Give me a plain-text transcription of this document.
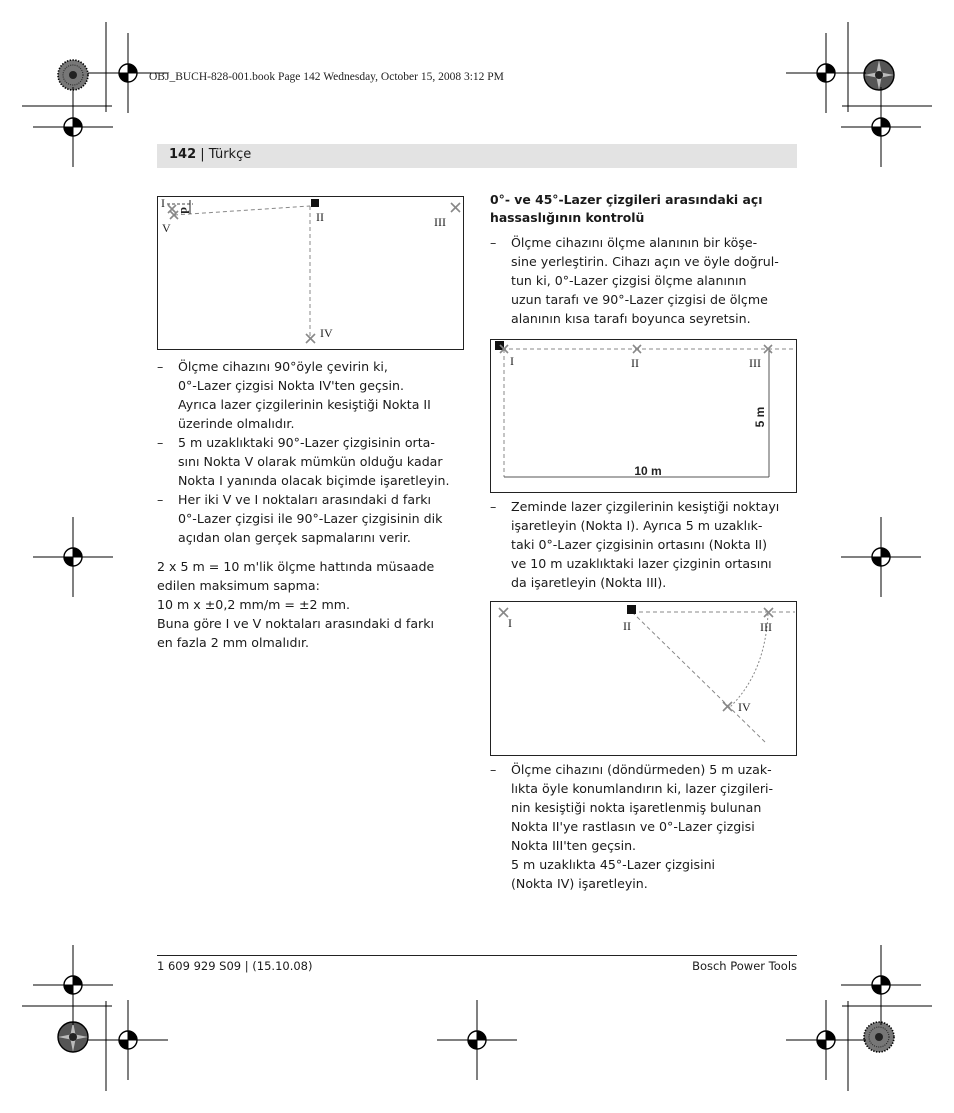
OBJ_BUCH-828-001.book Page 142 Wednesday, October 15, 2008 3:12 PM
142 | Türkçe
I
V
d	II	III
IV
– Ölçme cihazını 90°öyle çevirin ki,

0°-Lazer çizgisi Nokta IV'ten geçsin.

Ayrıca lazer çizgilerinin kesiştiği Nokta II

üzerinde olmalıdır.

– 5 m uzaklıktaki 90°-Lazer çizgisinin orta-

sını Nokta V olarak mümkün olduğu kadar

Nokta I yanında olacak biçimde işaretleyin.

– Her iki V ve I noktaları arasındaki d farkı

0°-Lazer çizgisi ile 90°-Lazer çizgisinin dik

açıdan olan gerçek sapmalarını verir.

2 x 5 m = 10 m'lik ölçme hattında müsaade

edilen maksimum sapma:

10 m x ±0,2 mm/m = ±2 mm.

Buna göre I ve V noktaları arasındaki d farkı

en fazla 2 mm olmalıdır.

0°- ve 45°-Lazer çizgileri arasındaki açı

hassaslığının kontrolü

– Ölçme cihazını ölçme alanının bir köşe-

sine yerleştirin. Cihazı açın ve öyle doğrul-

tun ki, 0°-Lazer çizgisi ölçme alanının

uzun tarafı ve 90°-Lazer çizgisi de ölçme

alanının kısa tarafı boyunca seyretsin.

I	II	III
5 m
10 m
– Zeminde lazer çizgilerinin kesiştiği noktayı

işaretleyin (Nokta I). Ayrıca 5 m uzaklık-

taki 0°-Lazer çizgisinin ortasını (Nokta II)

ve 10 m uzaklıktaki lazer çizginin ortasını

da işaretleyin (Nokta III).

I	II	III
IV
– Ölçme cihazını (döndürmeden) 5 m uzak-

lıkta öyle konumlandırın ki, lazer çizgileri-

nin kesiştiği nokta işaretlenmiş bulunan

Nokta II'ye rastlasın ve 0°-Lazer çizgisi

Nokta III'ten geçsin.

5 m uzaklıkta 45°-Lazer çizgisini

(Nokta IV) işaretleyin.

1 609 929 S09 | (15.10.08)	Bosch Power Tools
